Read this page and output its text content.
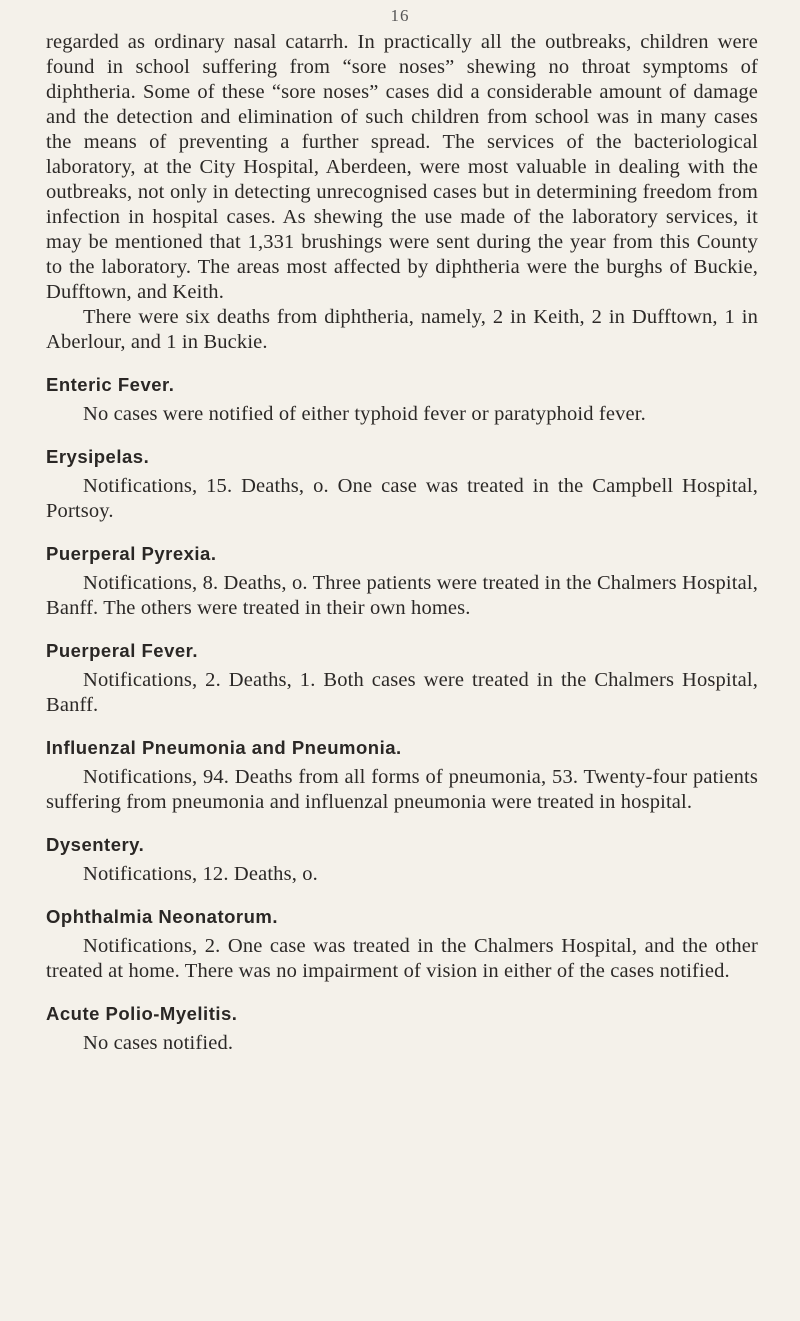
16

regarded as ordinary nasal catarrh. In practically all the outbreaks, children were found in school suffering from “sore noses” shewing no throat symptoms of diphtheria. Some of these “sore noses” cases did a considerable amount of damage and the detection and elimination of such children from school was in many cases the means of preventing a further spread. The services of the bacteriological laboratory, at the City Hospital, Aberdeen, were most valuable in dealing with the outbreaks, not only in detecting unrecognised cases but in determining freedom from infection in hospital cases. As shewing the use made of the laboratory services, it may be mentioned that 1,331 brushings were sent during the year from this County to the laboratory. The areas most affected by diphtheria were the burghs of Buckie, Dufftown, and Keith.

There were six deaths from diphtheria, namely, 2 in Keith, 2 in Dufftown, 1 in Aberlour, and 1 in Buckie.

Enteric Fever.

No cases were notified of either typhoid fever or paratyphoid fever.

Erysipelas.

Notifications, 15. Deaths, o. One case was treated in the Campbell Hospital, Portsoy.

Puerperal Pyrexia.

Notifications, 8. Deaths, o. Three patients were treated in the Chalmers Hospital, Banff. The others were treated in their own homes.

Puerperal Fever.

Notifications, 2. Deaths, 1. Both cases were treated in the Chalmers Hospital, Banff.

Influenzal Pneumonia and Pneumonia.

Notifications, 94. Deaths from all forms of pneumonia, 53. Twenty-four patients suffering from pneumonia and influenzal pneumonia were treated in hospital.

Dysentery.

Notifications, 12. Deaths, o.

Ophthalmia Neonatorum.

Notifications, 2. One case was treated in the Chalmers Hospital, and the other treated at home. There was no impairment of vision in either of the cases notified.

Acute Polio-Myelitis.

No cases notified.
